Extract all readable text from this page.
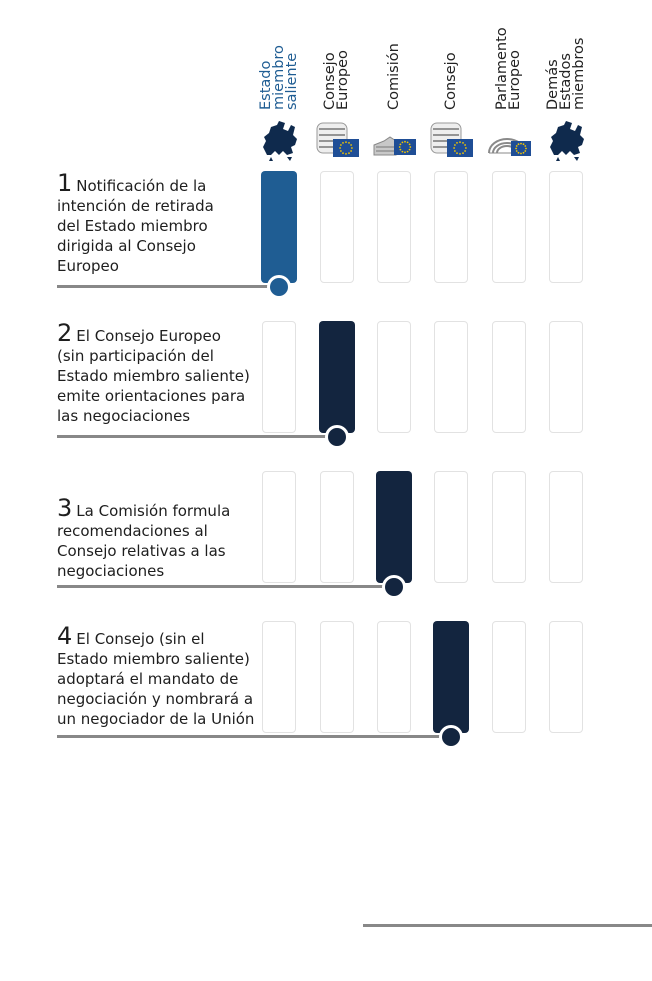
Estado
miembro
saliente Consejo
Europeo Comisión	Consejo Parlamento
Europeo Demás
Estados
miembros
1 Notificación de la
intención de retirada
del Estado miembro
dirigida al Consejo
Europeo
2 El Consejo Europeo
(sin participación del
Estado miembro saliente)
emite orientaciones para
las negociaciones
3 La Comisión formula
recomendaciones al
Consejo relativas a las
negociaciones
4 El Consejo (sin el
Estado miembro saliente)
adoptará el mandato de
negociación y nombrará a
un negociador de la Unión
